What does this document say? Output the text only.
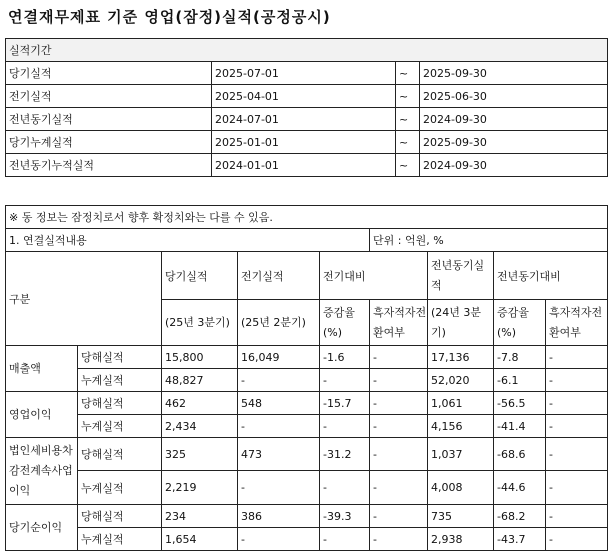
연결재무제표 기준 영업(잠정)실적(공정공시)
실적기간			
당기실적	2025-07-01	~	2025-09-30
전기실적	2025-04-01	~	2025-06-30
전년동기실적	2024-07-01	~	2024-09-30
당기누계실적	2025-01-01	~	2025-09-30
전년동기누적실적	2024-01-01	~	2024-09-30
※ 동 정보는 잠정치로서 향후 확정치와는 다를 수 있음.								
1. 연결실적내용					단위 : 억원, %			
구분		당기실적	전기실적	전기대비		전년동기실적	전년동기대비	
		(25년 3분기)	(25년 2분기)	증감율(%)	흑자적자전환여부	(24년 3분기)	증감율(%)	흑자적자전환여부
매출액	당해실적	15,800	16,049	-1.6	-	17,136	-7.8	-
	누계실적	48,827	-	-	-	52,020	-6.1	-
영업이익	당해실적	462	548	-15.7	-	1,061	-56.5	-
	누계실적	2,434	-	-	-	4,156	-41.4	-
법인세비용차감전계속사업이익	당해실적	325	473	-31.2	-	1,037	-68.6	-
	누계실적	2,219	-	-	-	4,008	-44.6	-
당기순이익	당해실적	234	386	-39.3	-	735	-68.2	-
	누계실적	1,654	-	-	-	2,938	-43.7	-
